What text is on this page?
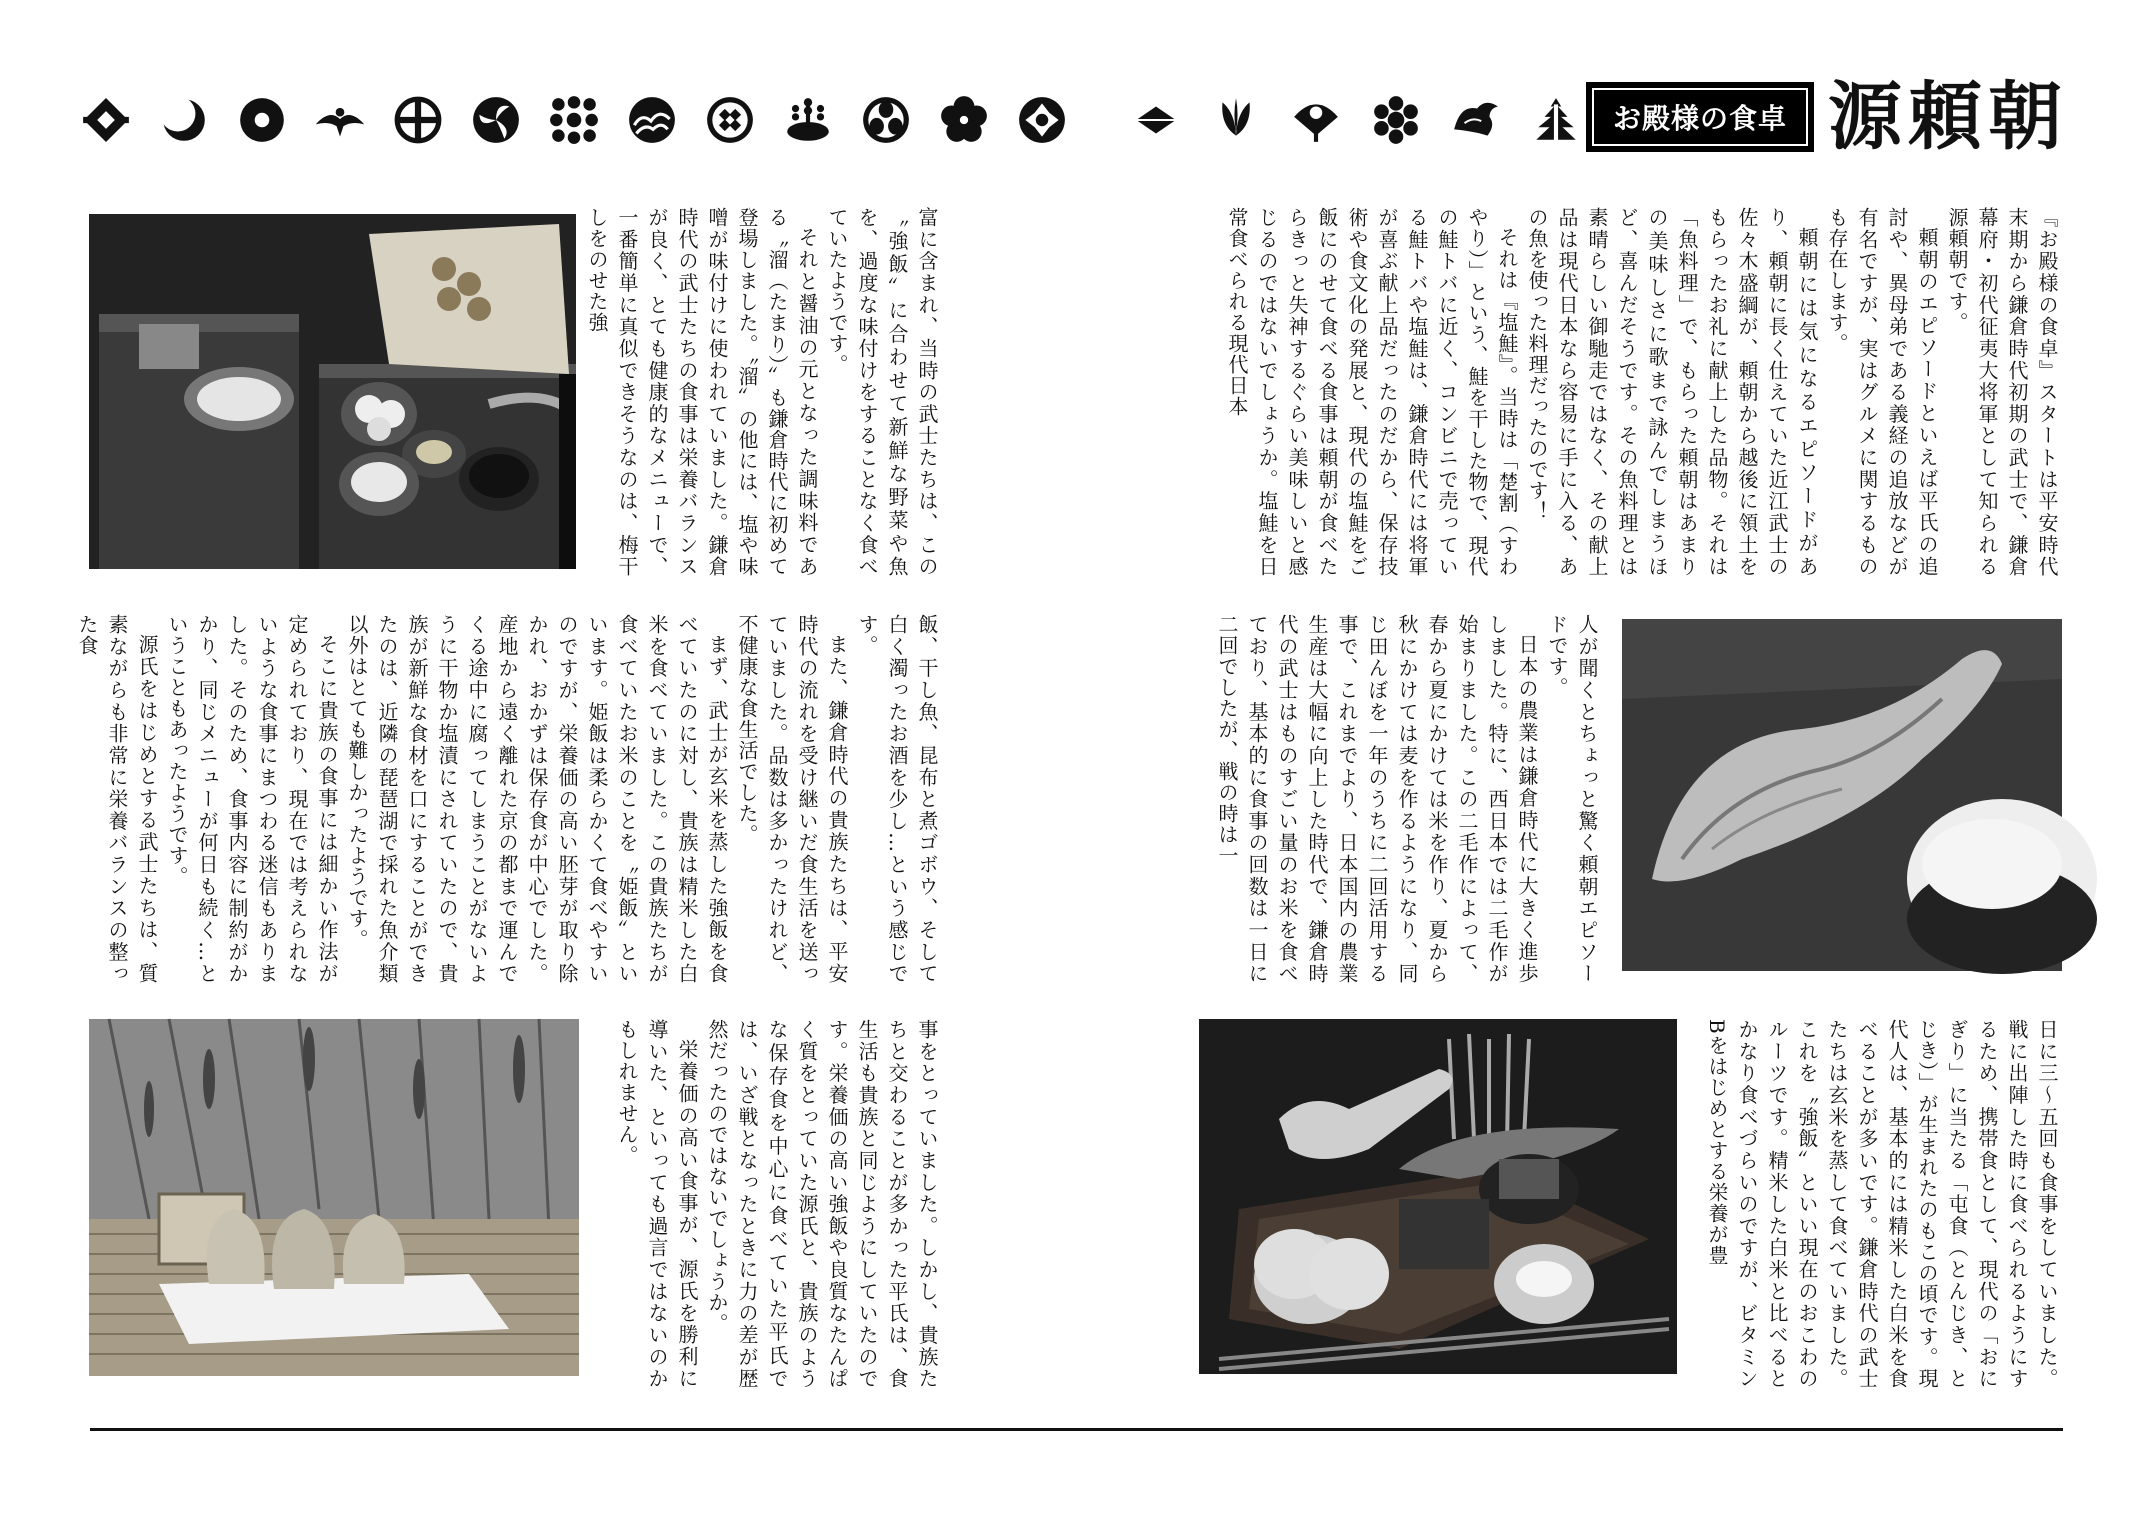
お殿様の食卓 源頼朝

富に含まれ、当時の武士たちは、この〝強飯〟に合わせて新鮮な野菜や魚を、過度な味付けをすることなく食べていたようです。

それと醤油の元となった調味料である〝溜（たまり）〟も鎌倉時代に初めて登場しました。〝溜〟の他には、塩や味噌が味付けに使われていました。鎌倉時代の武士たちの食事は栄養バランスが良く、とても健康的なメニューで、一番簡単に真似できそうなのは、梅干しをのせた強

飯、干し魚、昆布と煮ゴボウ、そして白く濁ったお酒を少し…という感じです。

また、鎌倉時代の貴族たちは、平安時代の流れを受け継いだ食生活を送っていました。品数は多かったけれど、不健康な食生活でした。

まず、武士が玄米を蒸した強飯を食べていたのに対し、貴族は精米した白米を食べていました。この貴族たちが食べていたお米のことを〝姫飯〟といいます。姫飯は柔らかくて食べやすいのですが、栄養価の高い胚芽が取り除かれ、おかずは保存食が中心でした。産地から遠く離れた京の都まで運んでくる途中に腐ってしまうことがないように干物か塩漬にされていたので、貴族が新鮮な食材を口にすることができたのは、近隣の琵琶湖で採れた魚介類以外はとても難しかったようです。

そこに貴族の食事には細かい作法が定められており、現在では考えられないような食事にまつわる迷信もありました。そのため、食事内容に制約がかかり、同じメニューが何日も続く…ということもあったようです。

源氏をはじめとする武士たちは、質素ながらも非常に栄養バランスの整った食

事をとっていました。しかし、貴族たちと交わることが多かった平氏は、食生活も貴族と同じようにしていたのです。栄養価の高い強飯や良質なたんぱく質をとっていた源氏と、貴族のような保存食を中心に食べていた平氏では、いざ戦となったときに力の差が歴然だったのではないでしょうか。

栄養価の高い食事が、源氏を勝利に導いた、といっても過言ではないのかもしれません。

『お殿様の食卓』スタートは平安時代末期から鎌倉時代初期の武士で、鎌倉幕府・初代征夷大将軍として知られる源頼朝です。

頼朝のエピソードといえば平氏の追討や、異母弟である義経の追放などが有名ですが、実はグルメに関するものも存在します。

頼朝には気になるエピソードがあり、頼朝に長く仕えていた近江武士の佐々木盛綱が、頼朝から越後に領土をもらったお礼に献上した品物。それは「魚料理」で、もらった頼朝はあまりの美味しさに歌まで詠んでしまうほど、喜んだそうです。その魚料理とは素晴らしい御馳走ではなく、その献上品は現代日本なら容易に手に入る、あの魚を使った料理だったのです！

それは『塩鮭』。当時は「楚割（すわやり）」という、鮭を干した物で、現代の鮭トバに近く、コンビニで売っている鮭トバや塩鮭は、鎌倉時代には将軍が喜ぶ献上品だったのだから、保存技術や食文化の発展と、現代の塩鮭をご飯にのせて食べる食事は頼朝が食べたらきっと失神するぐらい美味しいと感じるのではないでしょうか。塩鮭を日常食べられる現代日本

人が聞くとちょっと驚く頼朝エピソードです。

日本の農業は鎌倉時代に大きく進歩しました。特に、西日本では二毛作が始まりました。この二毛作によって、春から夏にかけては米を作り、夏から秋にかけては麦を作るようになり、同じ田んぼを一年のうちに二回活用する事で、これまでより、日本国内の農業生産は大幅に向上した時代で、鎌倉時代の武士はものすごい量のお米を食べており、基本的に食事の回数は一日に二回でしたが、戦の時は一

日に三〜五回も食事をしていました。戦に出陣した時に食べられるようにするため、携帯食として、現代の「おにぎり」に当たる「屯食（とんじき、とじき）」が生まれたのもこの頃です。現代人は、基本的には精米した白米を食べることが多いです。鎌倉時代の武士たちは玄米を蒸して食べていました。これを〝強飯〟といい現在のおこわのルーツです。精米した白米と比べるとかなり食べづらいのですが、ビタミンBをはじめとする栄養が豊
